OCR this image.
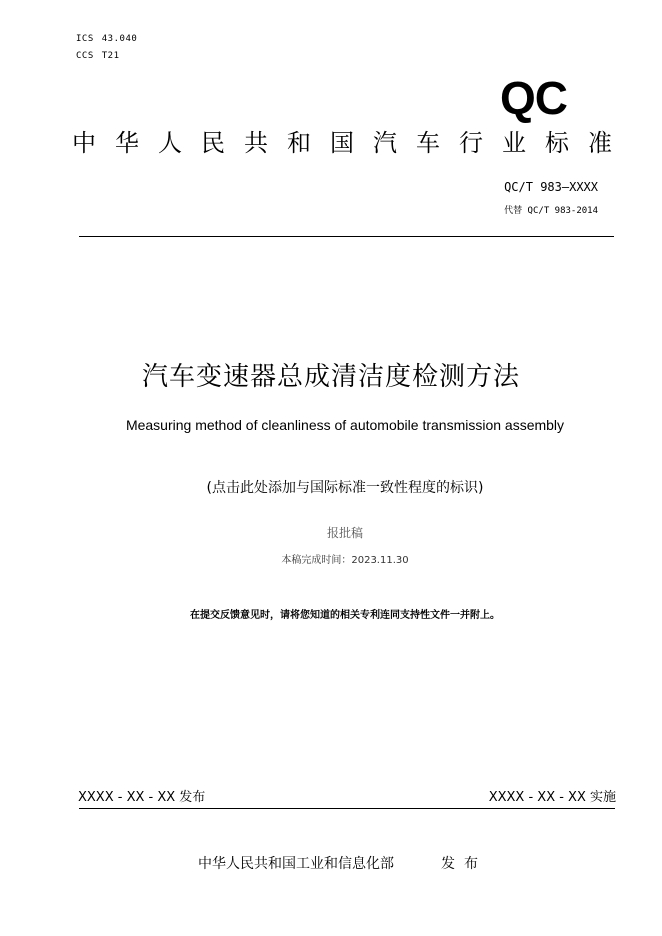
ICS 43.040
CCS T21
QC
中 华 人 民 共 和 国 汽 车 行 业 标 准
QC/T 983—XXXX
代替 QC/T 983-2014
汽车变速器总成清洁度检测方法
Measuring method of cleanliness of automobile transmission assembly
(点击此处添加与国际标准一致性程度的标识)
报批稿
本稿完成时间：2023.11.30
在提交反馈意见时，请将您知道的相关专利连同支持性文件一并附上。
XXXX - XX - XX 发布	XXXX - XX - XX 实施
中华人民共和国工业和信息化部	发布
